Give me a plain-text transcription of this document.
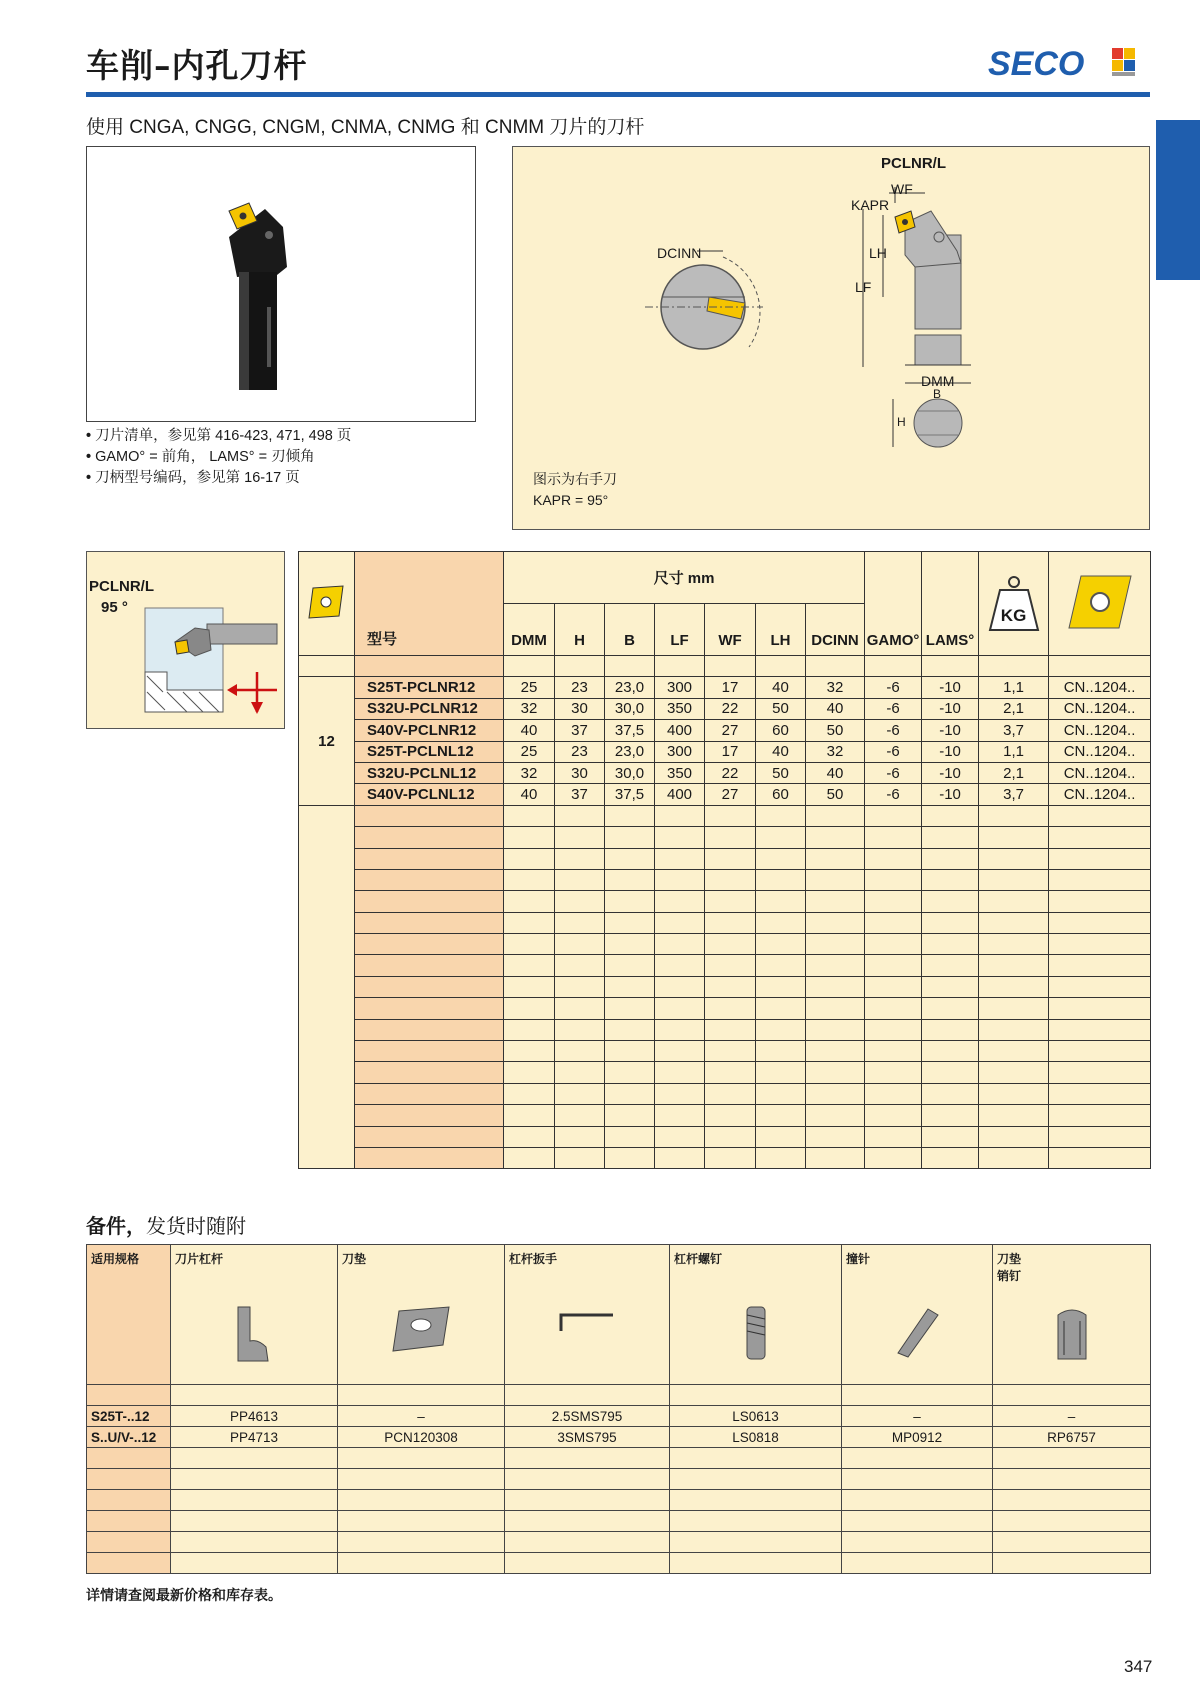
车削–内孔刀杆	SECO
使用 CNGA, CNGG, CNGM, CNMA, CNMG 和 CNMM 刀片的刀杆
• 刀片清单，参见第 416-423, 471, 498 页
• GAMO° = 前角， LAMS° = 刃倾角
• 刀柄型号编码，参见第 16-17 页
PCLNR/L
WF
KAPR
LH
LF
DCINN
DMM
B
H
图示为右手刀
KAPR = 95°
PCLNR/L
95 °
	型号	尺寸 mm							GAMO°	LAMS°	KG

		DMM	H	B	LF	WF	LH	DCINN				

12	S25T-PCLNR12	25	23	23,0	300	17	40	32	-6	-10	1,1	CN..1204..
	S32U-PCLNR12	32	30	30,0	350	22	50	40	-6	-10	2,1	CN..1204..
	S40V-PCLNR12	40	37	37,5	400	27	60	50	-6	-10	3,7	CN..1204..
	S25T-PCLNL12	25	23	23,0	300	17	40	32	-6	-10	1,1	CN..1204..
	S32U-PCLNL12	32	30	30,0	350	22	50	40	-6	-10	2,1	CN..1204..
	S40V-PCLNL12	40	37	37,5	400	27	60	50	-6	-10	3,7	CN..1204..

备件，发货时随附
适用规格	刀片杠杆	刀垫	杠杆扳手	杠杆螺钉	撞针	刀垫
销钉

S25T-..12	PP4613	–	2.5SMS795	LS0613	–	–
S..U/V-..12	PP4713	PCN120308	3SMS795	LS0818	MP0912	RP6757

详情请查阅最新价格和库存表。
347
